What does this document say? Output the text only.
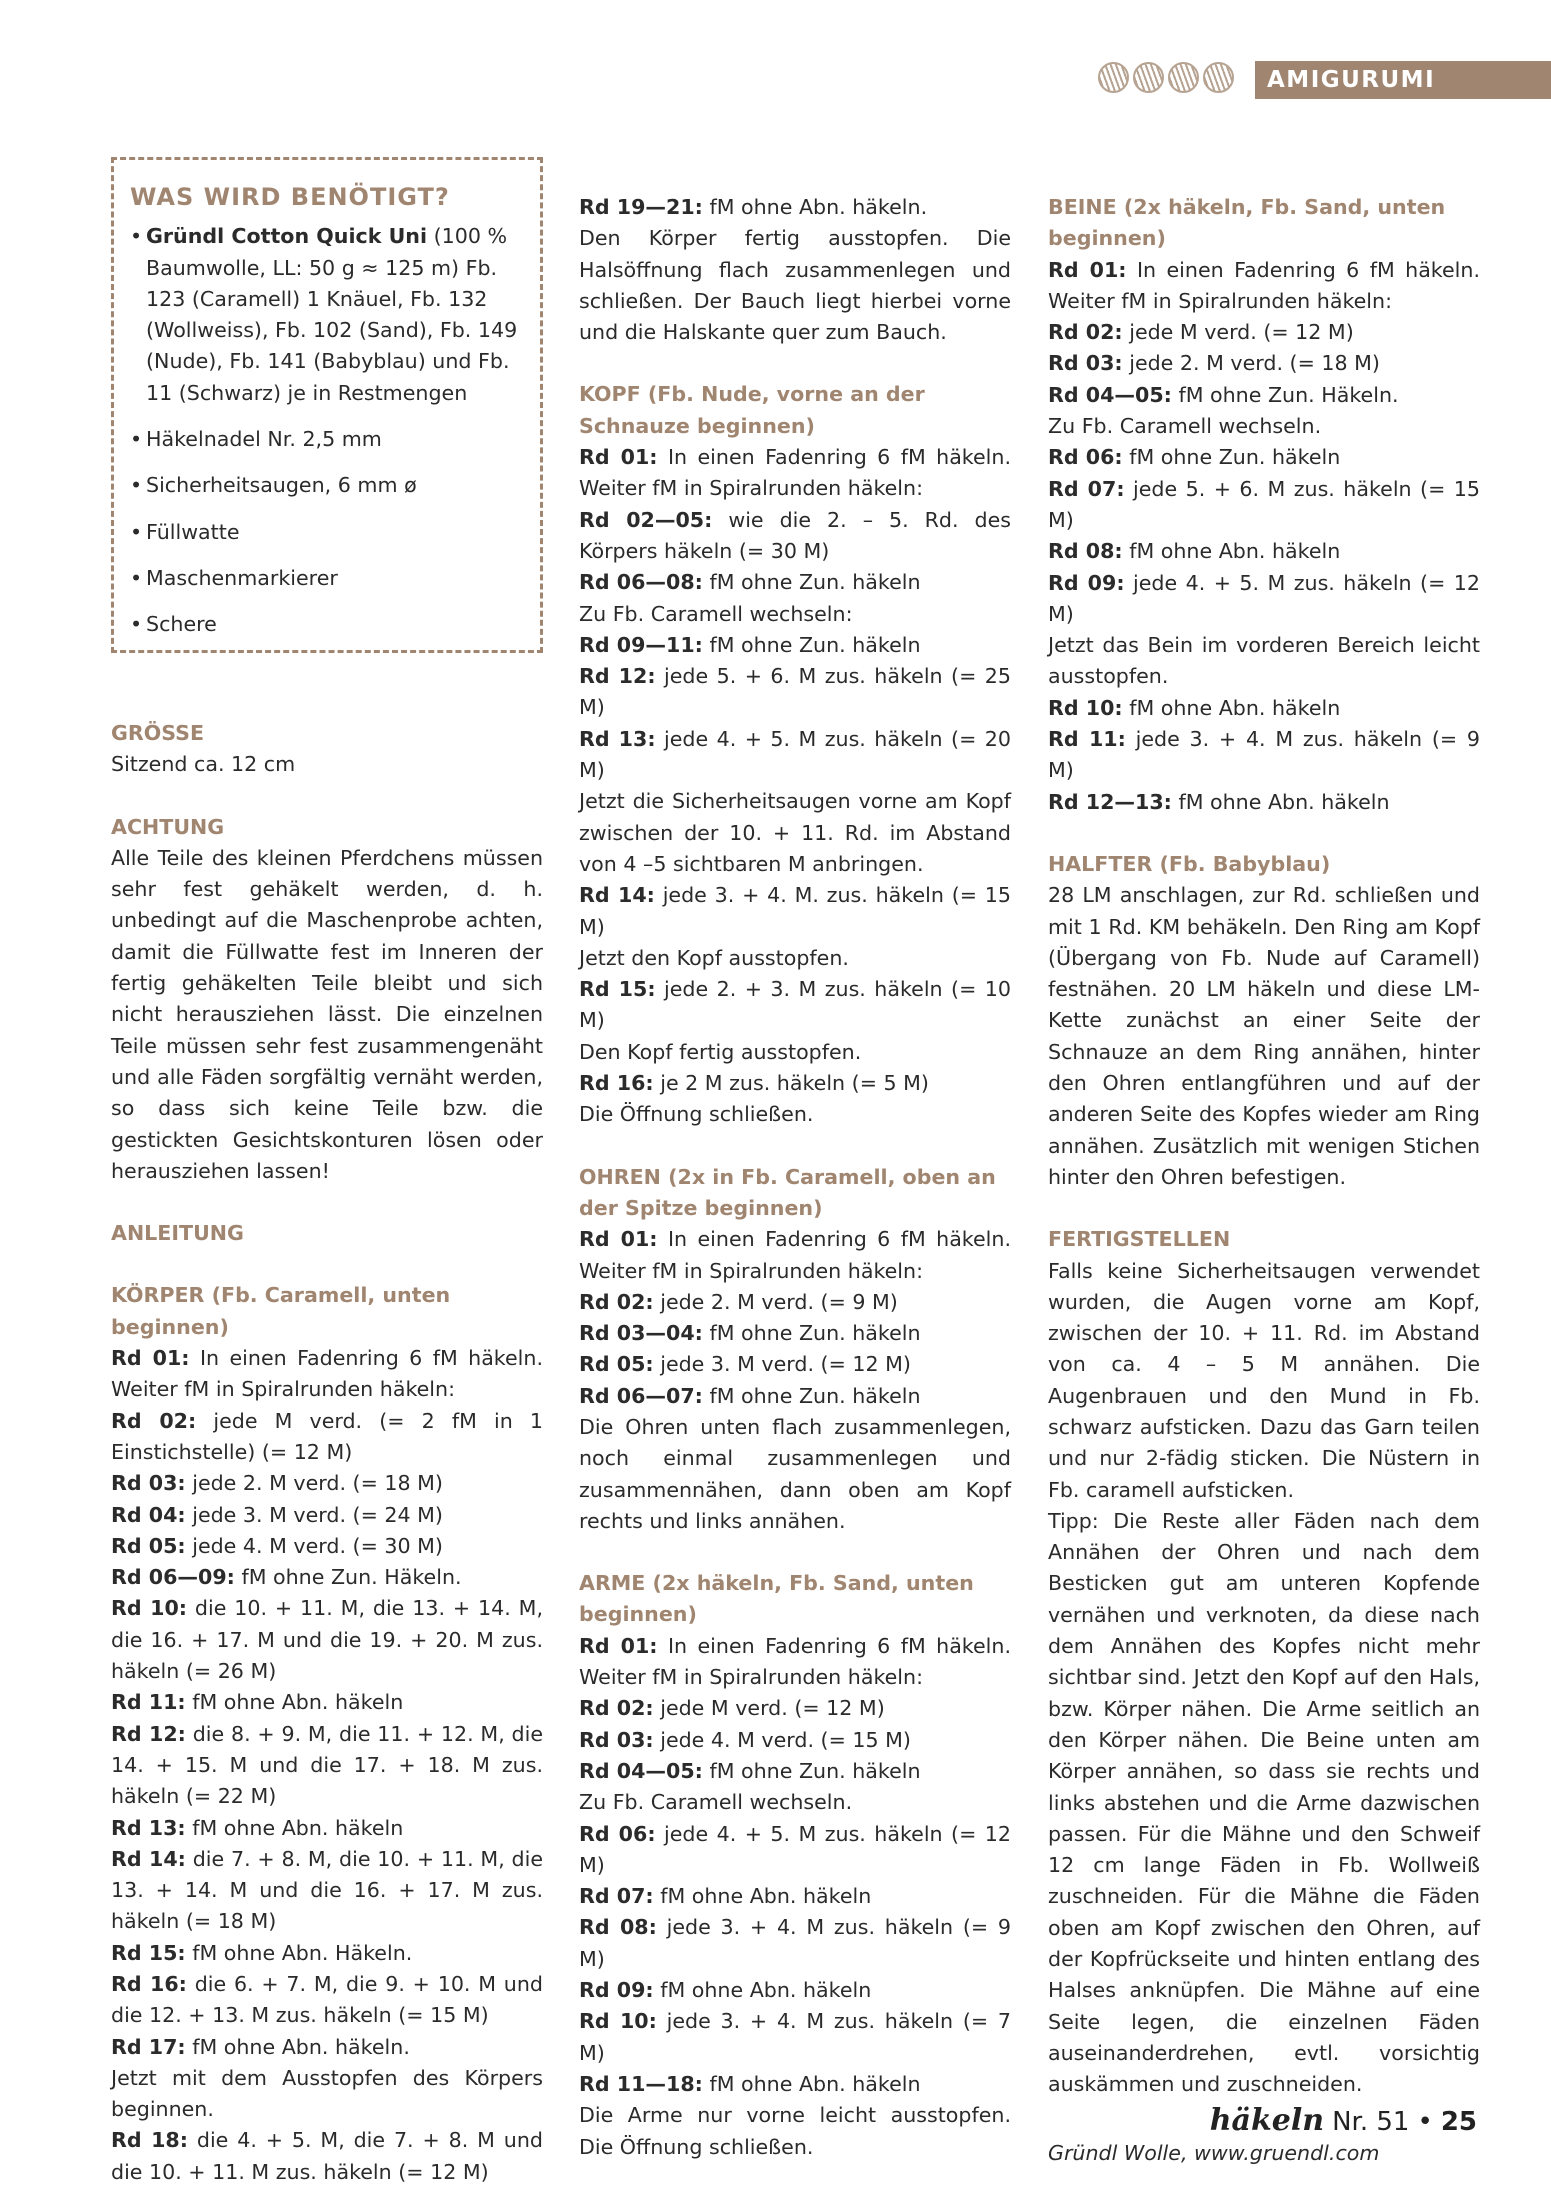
AMIGURUMI
WAS WIRD BENÖTIGT?
• Gründl Cotton Quick Uni (100 % Baumwolle, LL: 50 g ≈ 125 m) Fb. 123 (Caramell) 1 Knäuel, Fb. 132 (Wollweiss), Fb. 102 (Sand), Fb. 149 (Nude), Fb. 141 (Babyblau) und Fb. 11 (Schwarz) je in Restmengen
• Häkelnadel Nr. 2,5 mm
• Sicherheitsaugen, 6 mm ø
• Füllwatte
• Maschenmarkierer
• Schere

GRÖSSE

Sitzend ca. 12 cm

ACHTUNG

Alle Teile des kleinen Pferdchens müssen sehr fest gehäkelt werden, d. h. unbedingt auf die Maschenprobe achten, damit die Füllwatte fest im Inneren der fertig gehäkelten Teile bleibt und sich nicht herausziehen lässt. Die einzelnen Teile müssen sehr fest zusammengenäht und alle Fäden sorgfältig vernäht werden, so dass sich keine Teile bzw. die gestickten Gesichtskonturen lösen oder herausziehen lassen!

ANLEITUNG

KÖRPER (Fb. Caramell, unten beginnen)

Rd 01: In einen Fadenring 6 fM häkeln. Weiter fM in Spiralrunden häkeln:

Rd 02: jede M verd. (= 2 fM in 1 Einstichstelle) (= 12 M)

Rd 03: jede 2. M verd. (= 18 M)

Rd 04: jede 3. M verd. (= 24 M)

Rd 05: jede 4. M verd. (= 30 M)

Rd 06—09: fM ohne Zun. Häkeln.

Rd 10: die 10. + 11. M, die 13. + 14. M, die 16. + 17. M und die 19. + 20. M zus. häkeln (= 26 M)

Rd 11: fM ohne Abn. häkeln

Rd 12: die 8. + 9. M, die 11. + 12. M, die 14. + 15. M und die 17. + 18. M zus. häkeln (= 22 M)

Rd 13: fM ohne Abn. häkeln

Rd 14: die 7. + 8. M, die 10. + 11. M, die 13. + 14. M und die 16. + 17. M zus. häkeln (= 18 M)

Rd 15: fM ohne Abn. Häkeln.

Rd 16: die 6. + 7. M, die 9. + 10. M und die 12. + 13. M zus. häkeln (= 15 M)

Rd 17: fM ohne Abn. häkeln.

Jetzt mit dem Ausstopfen des Körpers beginnen.

Rd 18: die 4. + 5. M, die 7. + 8. M und die 10. + 11. M zus. häkeln (= 12 M)

Rd 19—21: fM ohne Abn. häkeln.

Den Körper fertig ausstopfen. Die Halsöffnung flach zusammenlegen und schließen. Der Bauch liegt hierbei vorne und die Halskante quer zum Bauch.

KOPF (Fb. Nude, vorne an der Schnauze beginnen)

Rd 01: In einen Fadenring 6 fM häkeln. Weiter fM in Spiralrunden häkeln:

Rd 02—05: wie die 2. – 5. Rd. des Körpers häkeln (= 30 M)

Rd 06—08: fM ohne Zun. häkeln

Zu Fb. Caramell wechseln:

Rd 09—11: fM ohne Zun. häkeln

Rd 12: jede 5. + 6. M zus. häkeln (= 25 M)

Rd 13: jede 4. + 5. M zus. häkeln (= 20 M)

Jetzt die Sicherheitsaugen vorne am Kopf zwischen der 10. + 11. Rd. im Abstand von 4 –5 sichtbaren M anbringen.

Rd 14: jede 3. + 4. M. zus. häkeln (= 15 M)

Jetzt den Kopf ausstopfen.

Rd 15: jede 2. + 3. M zus. häkeln (= 10 M)

Den Kopf fertig ausstopfen.

Rd 16: je 2 M zus. häkeln (= 5 M)

Die Öffnung schließen.

OHREN (2x in Fb. Caramell, oben an der Spitze beginnen)

Rd 01: In einen Fadenring 6 fM häkeln. Weiter fM in Spiralrunden häkeln:

Rd 02: jede 2. M verd. (= 9 M)

Rd 03—04: fM ohne Zun. häkeln

Rd 05: jede 3. M verd. (= 12 M)

Rd 06—07: fM ohne Zun. häkeln

Die Ohren unten flach zusammenlegen, noch einmal zusammenlegen und zusammennähen, dann oben am Kopf rechts und links annähen.

ARME (2x häkeln, Fb. Sand, unten beginnen)

Rd 01: In einen Fadenring 6 fM häkeln. Weiter fM in Spiralrunden häkeln:

Rd 02: jede M verd. (= 12 M)

Rd 03: jede 4. M verd. (= 15 M)

Rd 04—05: fM ohne Zun. häkeln

Zu Fb. Caramell wechseln.

Rd 06: jede 4. + 5. M zus. häkeln (= 12 M)

Rd 07: fM ohne Abn. häkeln

Rd 08: jede 3. + 4. M zus. häkeln (= 9 M)

Rd 09: fM ohne Abn. häkeln

Rd 10: jede 3. + 4. M zus. häkeln (= 7 M)

Rd 11—18: fM ohne Abn. häkeln

Die Arme nur vorne leicht ausstopfen. Die Öffnung schließen.

BEINE (2x häkeln, Fb. Sand, unten beginnen)

Rd 01: In einen Fadenring 6 fM häkeln. Weiter fM in Spiralrunden häkeln:

Rd 02: jede M verd. (= 12 M)

Rd 03: jede 2. M verd. (= 18 M)

Rd 04—05: fM ohne Zun. Häkeln.

Zu Fb. Caramell wechseln.

Rd 06: fM ohne Zun. häkeln

Rd 07: jede 5. + 6. M zus. häkeln (= 15 M)

Rd 08: fM ohne Abn. häkeln

Rd 09: jede 4. + 5. M zus. häkeln (= 12 M)

Jetzt das Bein im vorderen Bereich leicht ausstopfen.

Rd 10: fM ohne Abn. häkeln

Rd 11: jede 3. + 4. M zus. häkeln (= 9 M)

Rd 12—13: fM ohne Abn. häkeln

HALFTER (Fb. Babyblau)

28 LM anschlagen, zur Rd. schließen und mit 1 Rd. KM behäkeln. Den Ring am Kopf (Übergang von Fb. Nude auf Caramell) festnähen. 20 LM häkeln und diese LM-Kette zunächst an einer Seite der Schnauze an dem Ring annähen, hinter den Ohren entlangführen und auf der anderen Seite des Kopfes wieder am Ring annähen. Zusätzlich mit wenigen Stichen hinter den Ohren befestigen.

FERTIGSTELLEN

Falls keine Sicherheitsaugen verwendet wurden, die Augen vorne am Kopf, zwischen der 10. + 11. Rd. im Abstand von ca. 4 – 5 M annähen. Die Augenbrauen und den Mund in Fb. schwarz aufsticken. Dazu das Garn teilen und nur 2-fädig sticken. Die Nüstern in Fb. caramell aufsticken.

Tipp: Die Reste aller Fäden nach dem Annähen der Ohren und nach dem Besticken gut am unteren Kopfende vernähen und verknoten, da diese nach dem Annähen des Kopfes nicht mehr sichtbar sind. Jetzt den Kopf auf den Hals, bzw. Körper nähen. Die Arme seitlich an den Körper nähen. Die Beine unten am Körper annähen, so dass sie rechts und links abstehen und die Arme dazwischen passen. Für die Mähne und den Schweif 12 cm lange Fäden in Fb. Wollweiß zuschneiden. Für die Mähne die Fäden oben am Kopf zwischen den Ohren, auf der Kopfrückseite und hinten entlang des Halses anknüpfen. Die Mähne auf eine Seite legen, die einzelnen Fäden auseinanderdrehen, evtl. vorsichtig auskämmen und zuschneiden.

Gründl Wolle, www.gruendl.com

häkeln Nr. 51 • 25
